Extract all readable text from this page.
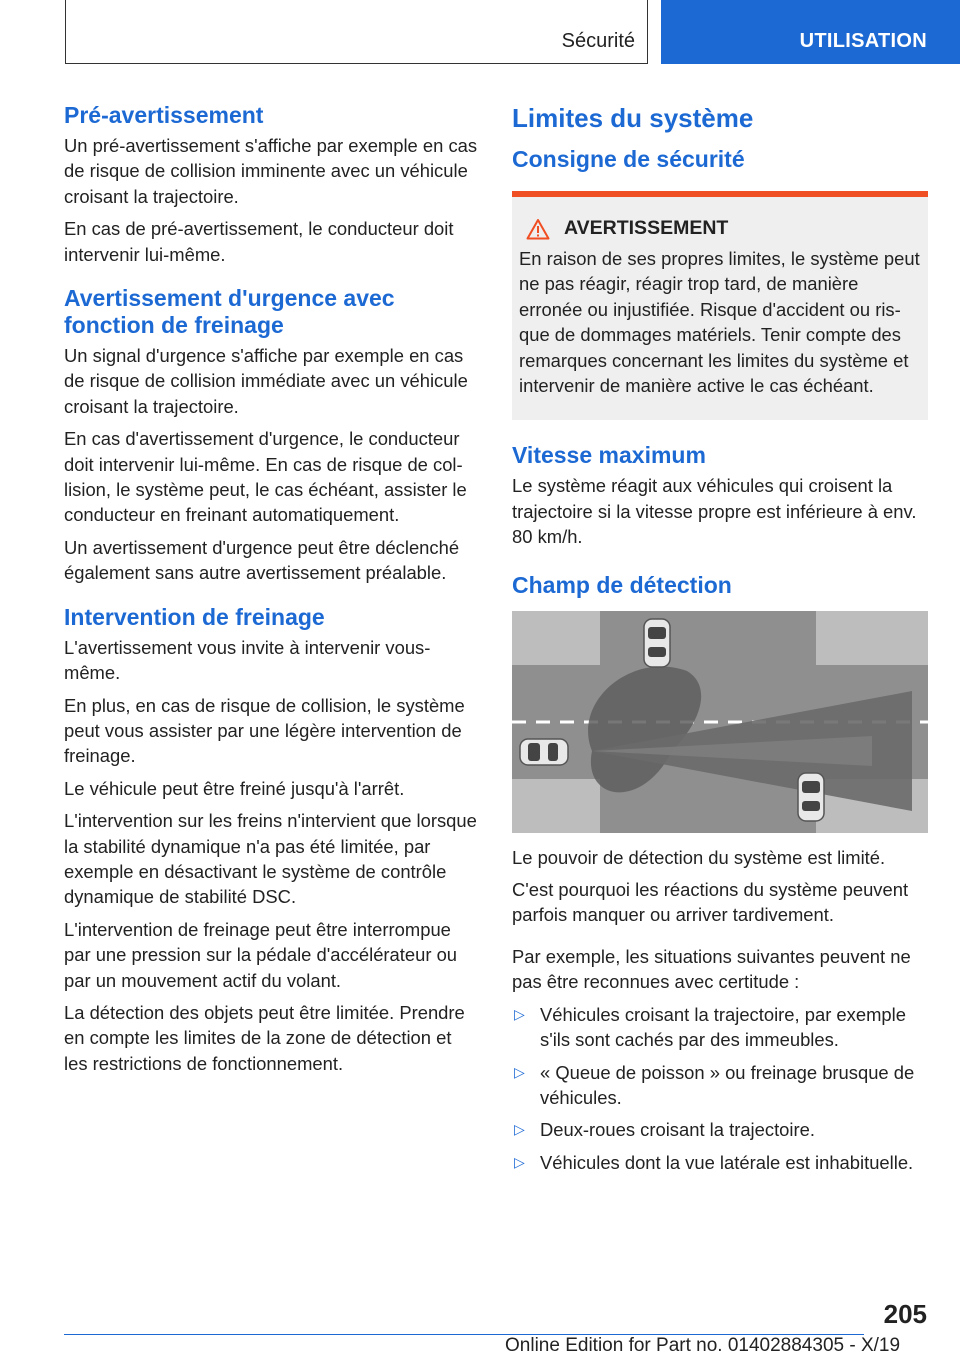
Sécurité	UTILISATION
Pré-avertissement

Un pré-avertissement s'affiche par exemple en cas de risque de collision imminente avec un véhicule croisant la trajectoire.

En cas de pré-avertissement, le conducteur doit intervenir lui-même.

Avertissement d'urgence avec fonction de freinage

Un signal d'urgence s'affiche par exemple en cas de risque de collision immédiate avec un véhicule croisant la trajectoire.

En cas d'avertissement d'urgence, le conducteur doit intervenir lui-même. En cas de risque de collision, le système peut, le cas échéant, assister le conducteur en freinant automatiquement.

Un avertissement d'urgence peut être déclenché également sans autre avertissement préalable.

Intervention de freinage

L'avertissement vous invite à intervenir vous-même.

En plus, en cas de risque de collision, le système peut vous assister par une légère intervention de freinage.

Le véhicule peut être freiné jusqu'à l'arrêt.

L'intervention sur les freins n'intervient que lorsque la stabilité dynamique n'a pas été limitée, par exemple en désactivant le système de contrôle dynamique de stabilité DSC.

L'intervention de freinage peut être interrompue par une pression sur la pédale d'accélérateur ou par un mouvement actif du volant.

La détection des objets peut être limitée. Prendre en compte les limites de la zone de détection et les restrictions de fonctionnement.

Limites du système
Consigne de sécurité
AVERTISSEMENT

En raison de ses propres limites, le système peut ne pas réagir, réagir trop tard, de manière erronée ou injustifiée. Risque d'accident ou risque de dommages matériels. Tenir compte des remarques concernant les limites du système et intervenir de manière active le cas échéant.

Vitesse maximum

Le système réagit aux véhicules qui croisent la trajectoire si la vitesse propre est inférieure à env. 80 km/h.

Champ de détection

Le pouvoir de détection du système est limité.

C'est pourquoi les réactions du système peuvent parfois manquer ou arriver tardivement.

Par exemple, les situations suivantes peuvent ne pas être reconnues avec certitude :

▷ Véhicules croisant la trajectoire, par exemple s'ils sont cachés par des immeubles.
▷ « Queue de poisson » ou freinage brusque de véhicules.
▷ Deux-roues croisant la trajectoire.
▷ Véhicules dont la vue latérale est inhabituelle.
205
Online Edition for Part no. 01402884305 - X/19
